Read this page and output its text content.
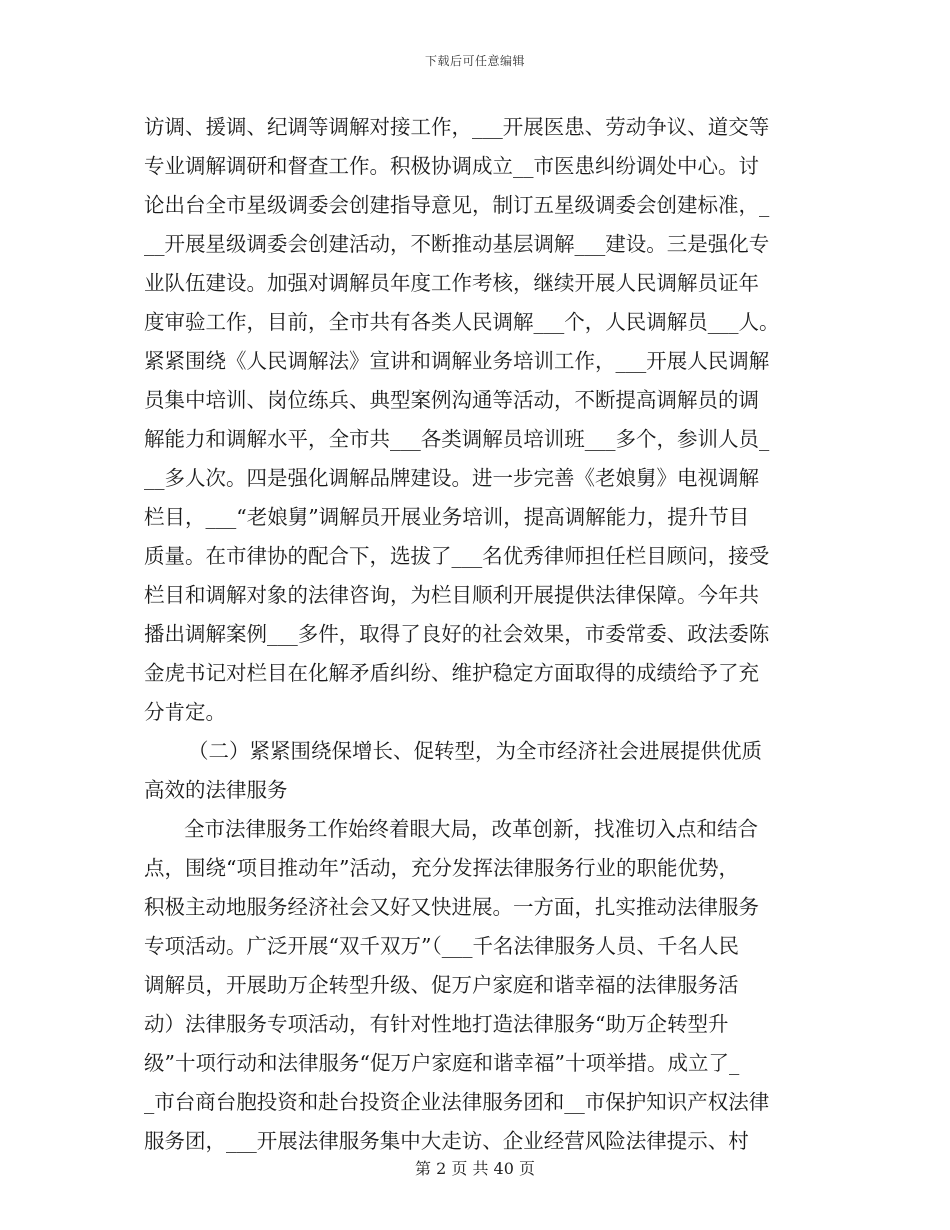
下载后可任意编辑
访调、援调、纪调等调解对接工作，___开展医患、劳动争议、道交等
专业调解调研和督查工作。积极协调成立__市医患纠纷调处中心。讨
论出台全市星级调委会创建指导意见，制订五星级调委会创建标准，_
__开展星级调委会创建活动，不断推动基层调解___建设。三是强化专
业队伍建设。加强对调解员年度工作考核，继续开展人民调解员证年
度审验工作，目前，全市共有各类人民调解___个，人民调解员___人。
紧紧围绕《人民调解法》宣讲和调解业务培训工作，___开展人民调解
员集中培训、岗位练兵、典型案例沟通等活动，不断提高调解员的调
解能力和调解水平，全市共___各类调解员培训班___多个，参训人员_
__多人次。四是强化调解品牌建设。进一步完善《老娘舅》电视调解
栏目，___“老娘舅”调解员开展业务培训，提高调解能力，提升节目
质量。在市律协的配合下，选拔了___名优秀律师担任栏目顾问，接受
栏目和调解对象的法律咨询，为栏目顺利开展提供法律保障。今年共
播出调解案例___多件，取得了良好的社会效果，市委常委、政法委陈
金虎书记对栏目在化解矛盾纠纷、维护稳定方面取得的成绩给予了充
分肯定。
（二）紧紧围绕保增长、促转型，为全市经济社会进展提供优质
高效的法律服务
全市法律服务工作始终着眼大局，改革创新，找准切入点和结合
点，围绕“项目推动年”活动，充分发挥法律服务行业的职能优势，
积极主动地服务经济社会又好又快进展。一方面，扎实推动法律服务
专项活动。广泛开展“双千双万”（___千名法律服务人员、千名人民
调解员，开展助万企转型升级、促万户家庭和谐幸福的法律服务活
动）法律服务专项活动，有针对性地打造法律服务“助万企转型升
级”十项行动和法律服务“促万户家庭和谐幸福”十项举措。成立了_
_市台商台胞投资和赴台投资企业法律服务团和__市保护知识产权法律
服务团，___开展法律服务集中大走访、企业经营风险法律提示、村
第 2 页 共 40 页
